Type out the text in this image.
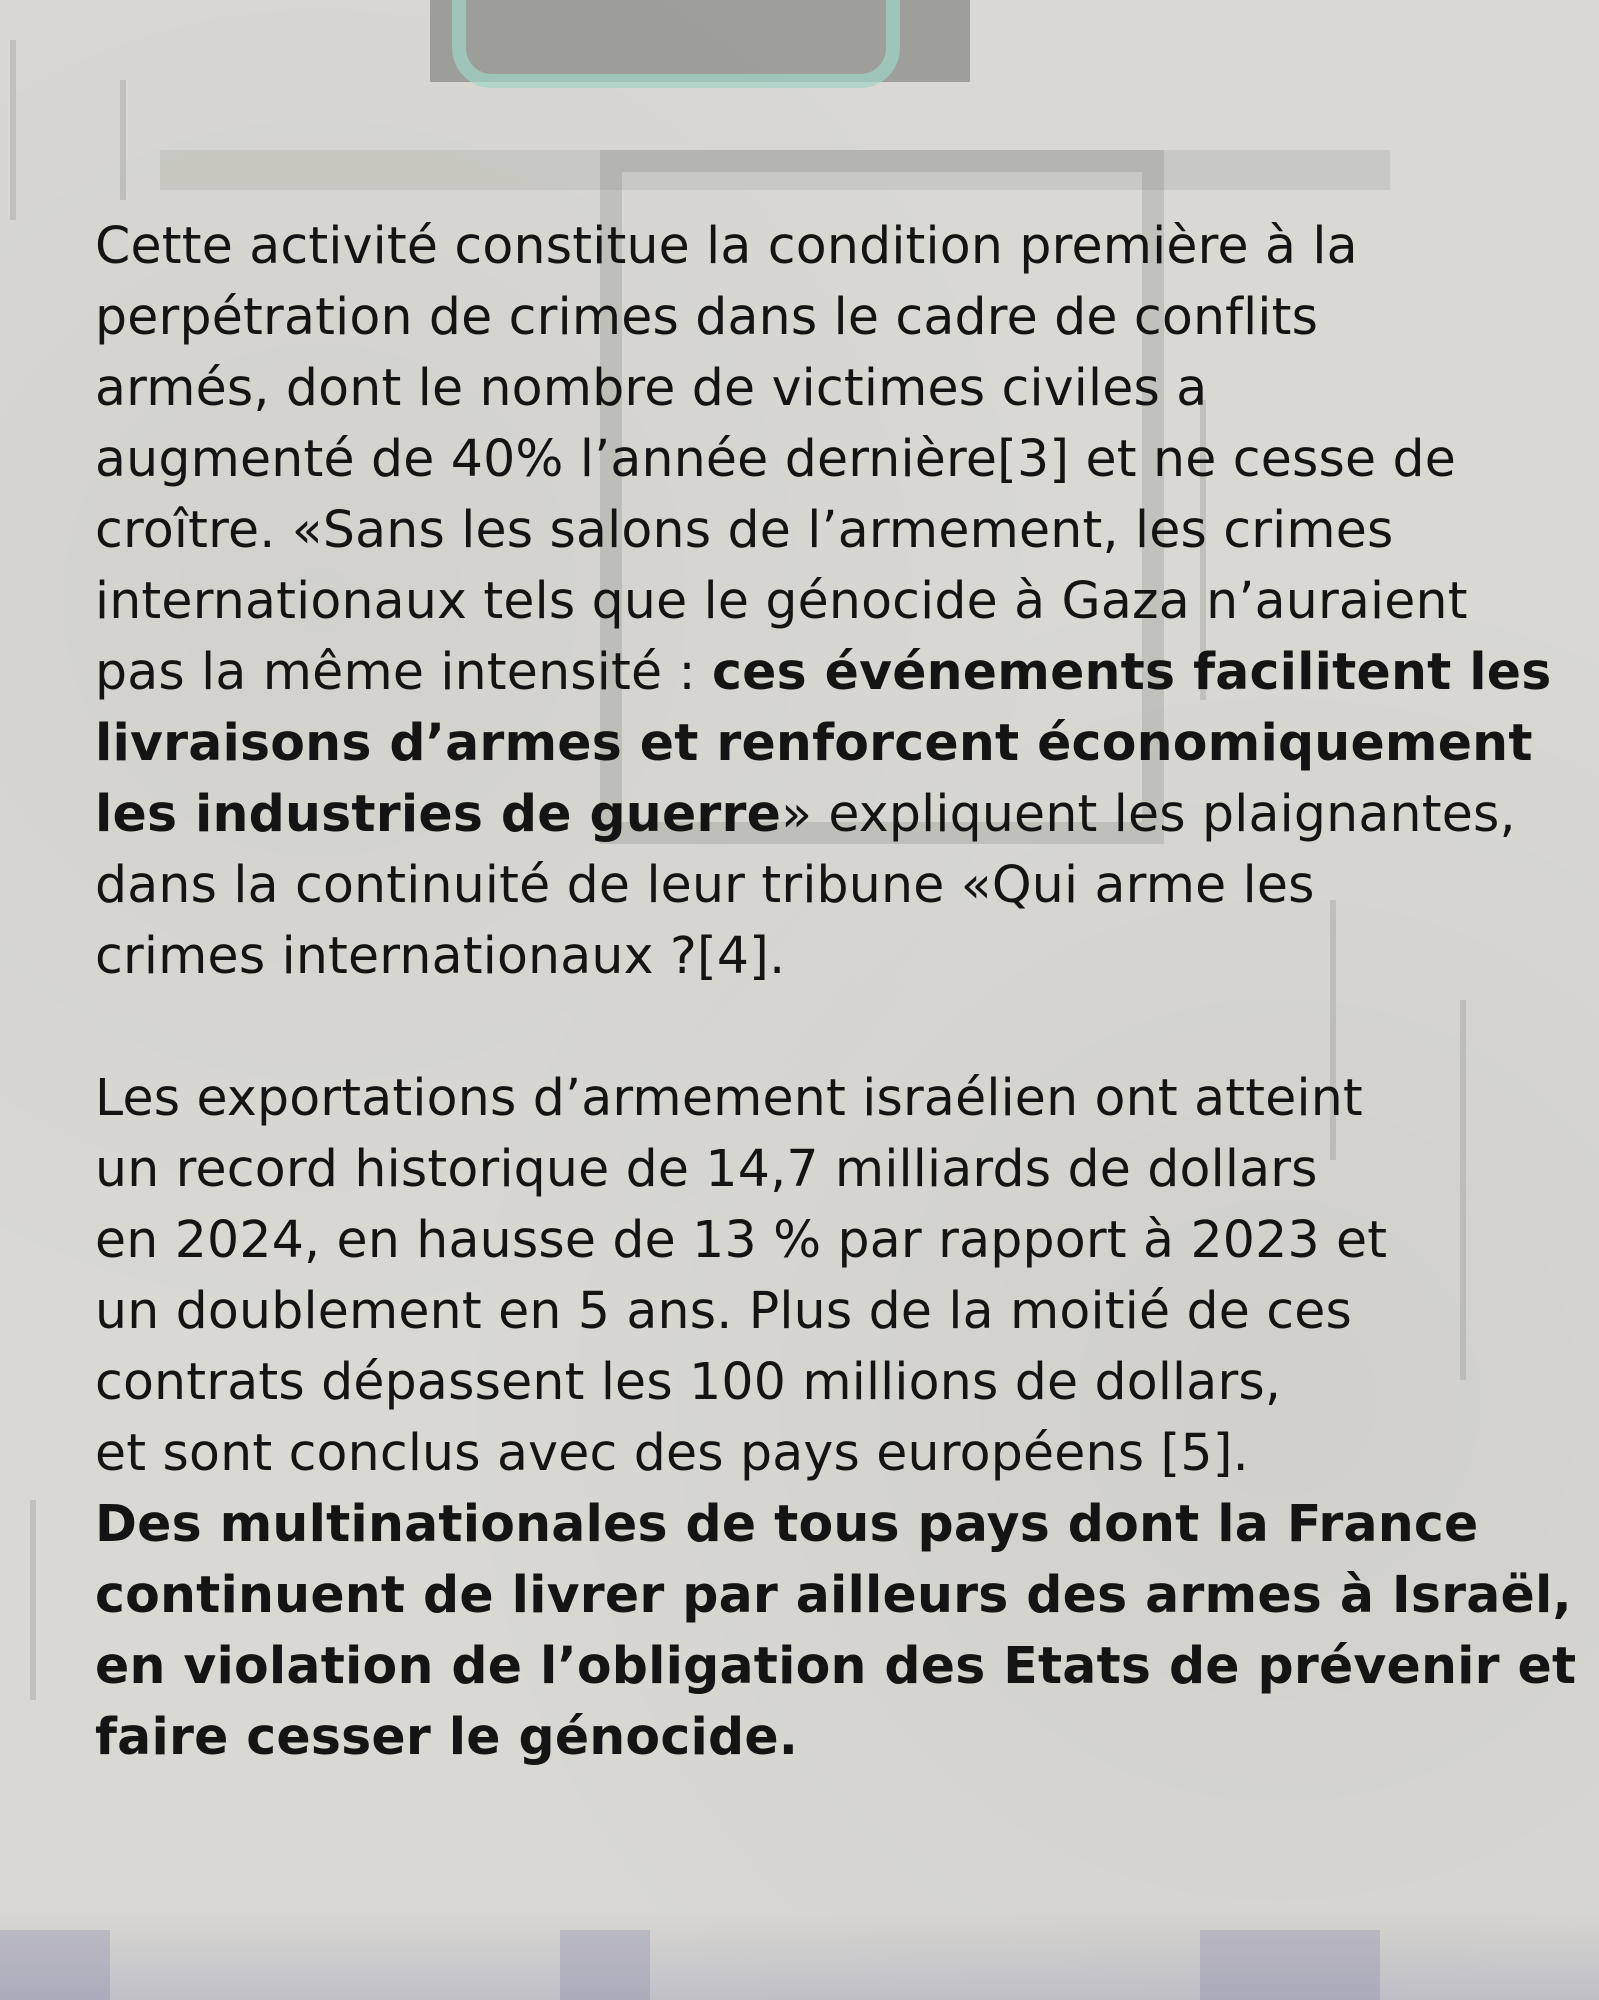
Cette activité constitue la condition première à la
perpétration de crimes dans le cadre de conflits
armés, dont le nombre de victimes civiles a
augmenté de 40% l’année dernière[3] et ne cesse de
croître. «Sans les salons de l’armement, les crimes
internationaux tels que le génocide à Gaza n’auraient
pas la même intensité : ces événements facilitent les
livraisons d’armes et renforcent économiquement
les industries de guerre» expliquent les plaignantes,
dans la continuité de leur tribune «Qui arme les
crimes internationaux ?[4].
Les exportations d’armement israélien ont atteint
un record historique de 14,7 milliards de dollars
en 2024, en hausse de 13 % par rapport à 2023 et
un doublement en 5 ans. Plus de la moitié de ces
contrats dépassent les 100 millions de dollars,
et sont conclus avec des pays européens [5].
Des multinationales de tous pays dont la France
continuent de livrer par ailleurs des armes à Israël,
en violation de l’obligation des Etats de prévenir et
faire cesser le génocide.
